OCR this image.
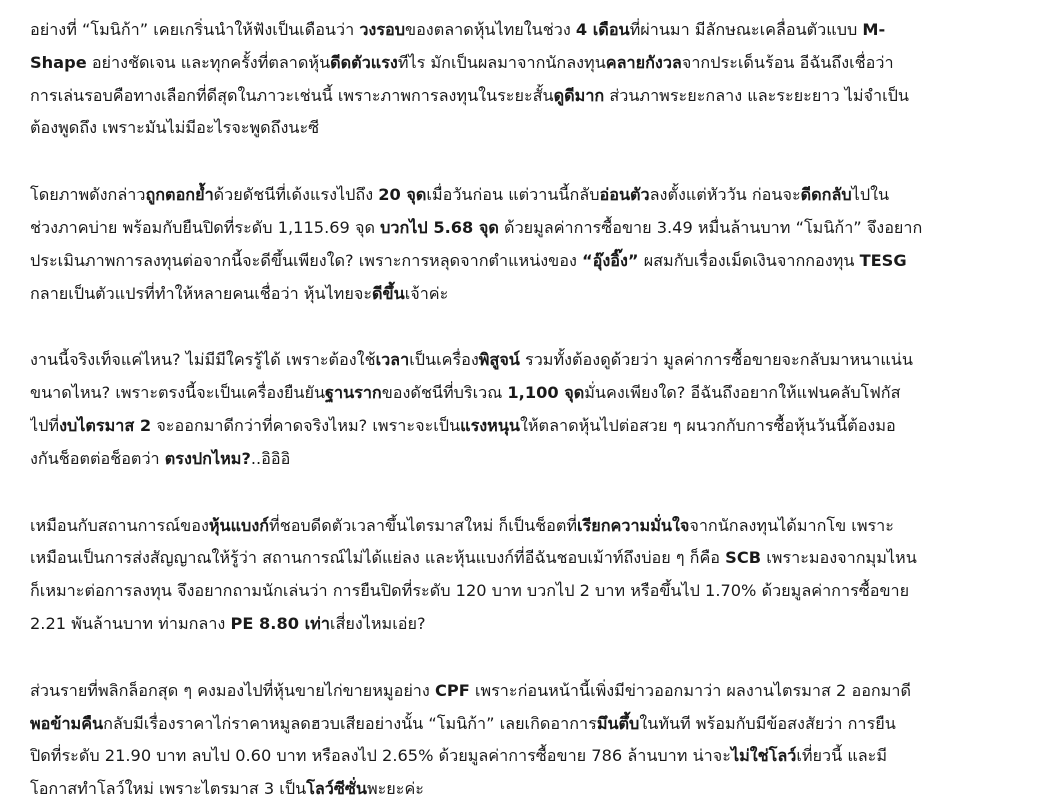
อย่างที่ “โมนิก้า” เคยเกริ่นนำให้ฟังเป็นเดือนว่า วงรอบของตลาดหุ้นไทยในช่วง 4 เดือนที่ผ่านมา มีลักษณะเคลื่อนตัวแบบ M-
Shape อย่างชัดเจน และทุกครั้งที่ตลาดหุ้นดีดตัวแรงทีไร มักเป็นผลมาจากนักลงทุนคลายกังวลจากประเด็นร้อน อีฉันถึงเชื่อว่า
การเล่นรอบคือทางเลือกที่ดีสุดในภาวะเช่นนี้ เพราะภาพการลงทุนในระยะสั้นดูดีมาก ส่วนภาพระยะกลาง และระยะยาว ไม่จำเป็น
ต้องพูดถึง เพราะมันไม่มีอะไรจะพูดถึงนะซี

โดยภาพดังกล่าวถูกตอกย้ำด้วยดัชนีที่เด้งแรงไปถึง 20 จุดเมื่อวันก่อน แต่วานนี้กลับอ่อนตัวลงตั้งแต่หัววัน ก่อนจะดีดกลับไปใน
ช่วงภาคบ่าย พร้อมกับยืนปิดที่ระดับ 1,115.69 จุด บวกไป 5.68 จุด ด้วยมูลค่าการซื้อขาย 3.49 หมื่นล้านบาท “โมนิก้า” จึงอยาก
ประเมินภาพการลงทุนต่อจากนี้จะดีขึ้นเพียงใด? เพราะการหลุดจากตำแหน่งของ “อุ๊งอิ๊ง” ผสมกับเรื่องเม็ดเงินจากกองทุน TESG
กลายเป็นตัวแปรที่ทำให้หลายคนเชื่อว่า หุ้นไทยจะดีขึ้นเจ้าค่ะ

งานนี้จริงเท็จแค่ไหน? ไม่มีมีใครรู้ได้ เพราะต้องใช้เวลาเป็นเครื่องพิสูจน์ รวมทั้งต้องดูด้วยว่า มูลค่าการซื้อขายจะกลับมาหนาแน่น
ขนาดไหน? เพราะตรงนี้จะเป็นเครื่องยืนยันฐานรากของดัชนีที่บริเวณ 1,100 จุดมั่นคงเพียงใด? อีฉันถึงอยากให้แฟนคลับโฟกัส
ไปที่งบไตรมาส 2 จะออกมาดีกว่าที่คาดจริงไหม? เพราะจะเป็นแรงหนุนให้ตลาดหุ้นไปต่อสวย ๆ ผนวกกับการซื้อหุ้นวันนี้ต้องมอ
งกันช็อตต่อช็อตว่า ตรงปกไหม?..อิอิอิ

เหมือนกับสถานการณ์ของหุ้นแบงก์ที่ชอบดีดตัวเวลาขึ้นไตรมาสใหม่ ก็เป็นช็อตที่เรียกความมั่นใจจากนักลงทุนได้มากโข เพราะ
เหมือนเป็นการส่งสัญญาณให้รู้ว่า สถานการณ์ไม่ได้แย่ลง และหุ้นแบงก์ที่อีฉันชอบเม้าท์ถึงบ่อย ๆ ก็คือ SCB เพราะมองจากมุมไหน
ก็เหมาะต่อการลงทุน จึงอยากถามนักเล่นว่า การยืนปิดที่ระดับ 120 บาท บวกไป 2 บาท หรือขึ้นไป 1.70% ด้วยมูลค่าการซื้อขาย
2.21 พันล้านบาท ท่ามกลาง PE 8.80 เท่าเสี่ยงไหมเอ่ย?

ส่วนรายที่พลิกล็อกสุด ๆ คงมองไปที่หุ้นขายไก่ขายหมูอย่าง CPF เพราะก่อนหน้านี้เพิ่งมีข่าวออกมาว่า ผลงานไตรมาส 2 ออกมาดี
พอข้ามคืนกลับมีเรื่องราคาไก่ราคาหมูลดฮวบเสียอย่างนั้น “โมนิก้า” เลยเกิดอาการมึนตึ้บในทันที พร้อมกับมีข้อสงสัยว่า การยืน
ปิดที่ระดับ 21.90 บาท ลบไป 0.60 บาท หรือลงไป 2.65% ด้วยมูลค่าการซื้อขาย 786 ล้านบาท น่าจะไม่ใช่โลว์เที่ยวนี้ และมี
โอกาสทำโลว์ใหม่ เพราะไตรมาส 3 เป็นโลว์ซีซั่นพะยะค่ะ
